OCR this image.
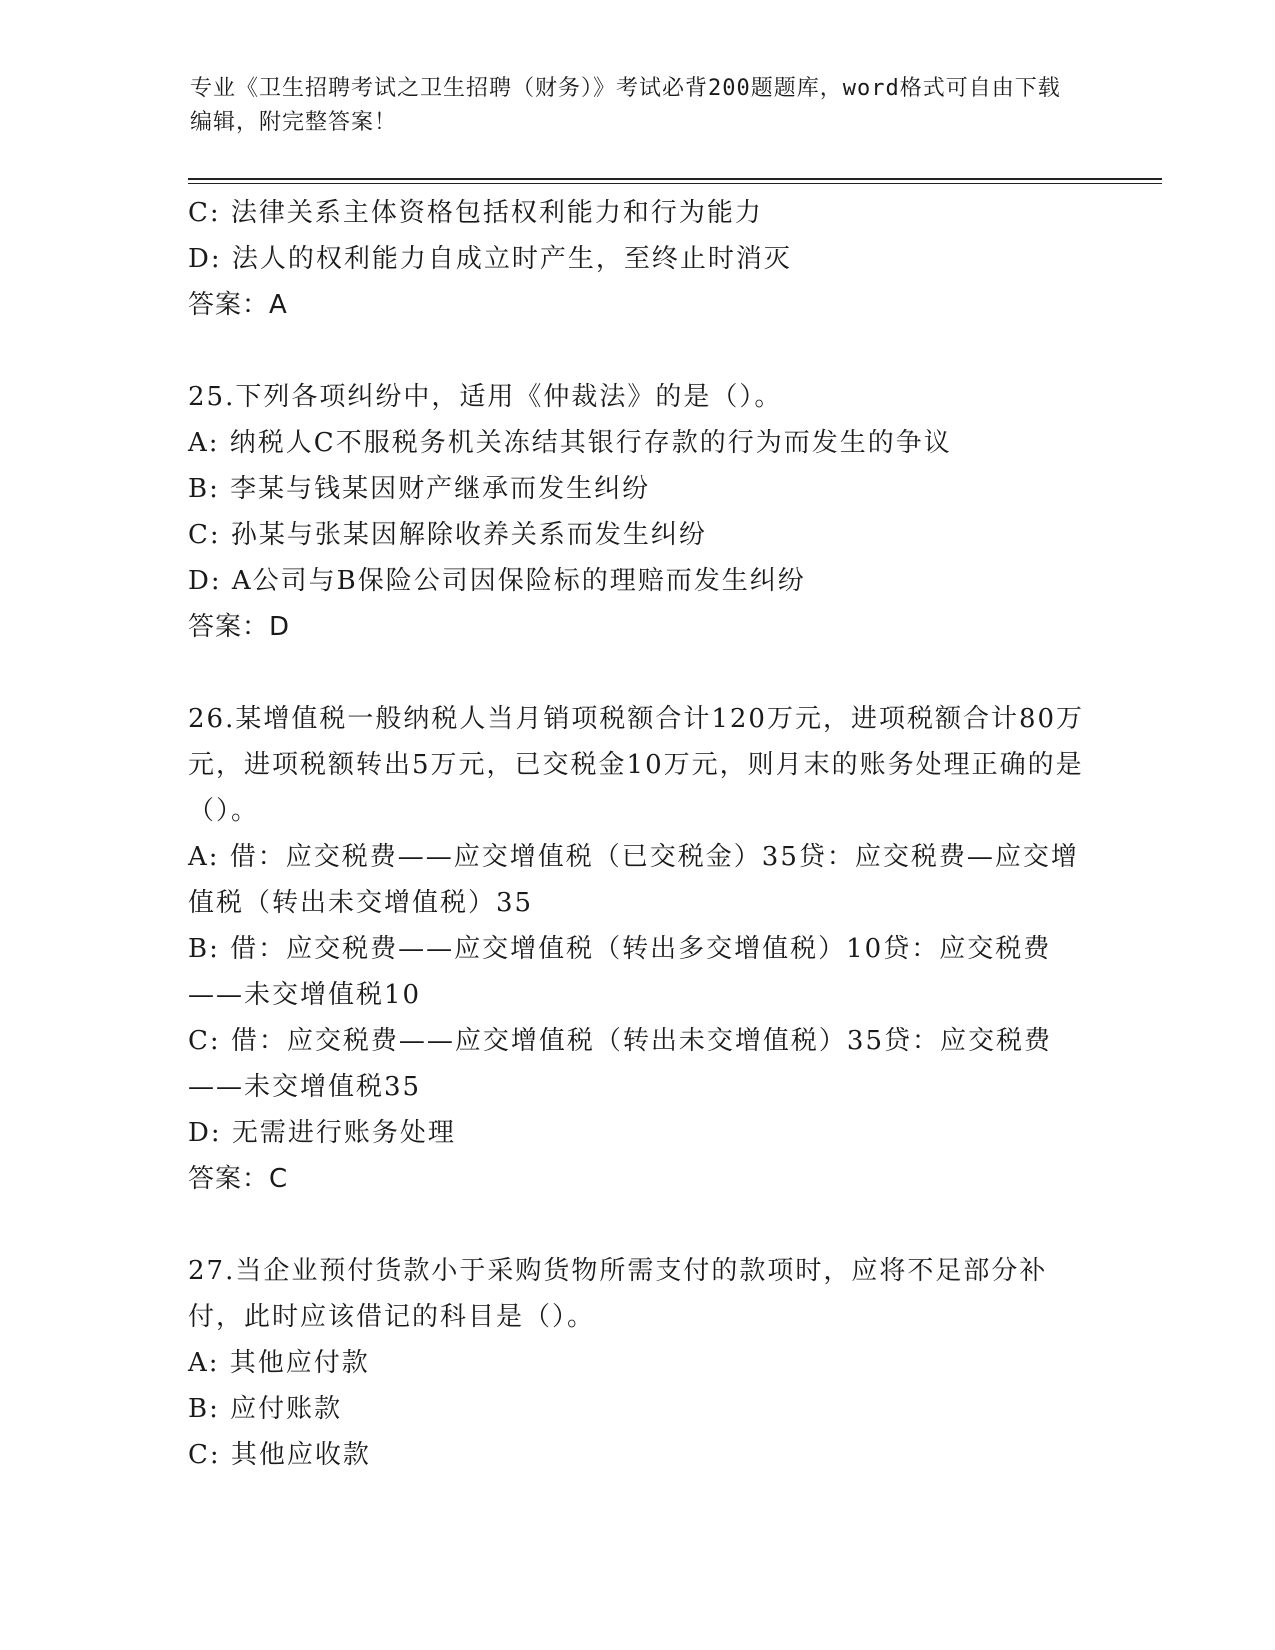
专业《卫生招聘考试之卫生招聘（财务）》考试必背200题题库，word格式可自由下载编辑，附完整答案！

C: 法律关系主体资格包括权利能力和行为能力

D: 法人的权利能力自成立时产生，至终止时消灭

答案：A

25.下列各项纠纷中，适用《仲裁法》的是（）。

A: 纳税人C不服税务机关冻结其银行存款的行为而发生的争议

B: 李某与钱某因财产继承而发生纠纷

C: 孙某与张某因解除收养关系而发生纠纷

D: A公司与B保险公司因保险标的理赔而发生纠纷

答案：D

26.某增值税一般纳税人当月销项税额合计120万元，进项税额合计80万元，进项税额转出5万元，已交税金10万元，则月末的账务处理正确的是（）。

A: 借：应交税费——应交增值税（已交税金）35贷：应交税费—应交增值税（转出未交增值税）35

B: 借：应交税费——应交增值税（转出多交增值税）10贷：应交税费——未交增值税10

C: 借：应交税费——应交增值税（转出未交增值税）35贷：应交税费——未交增值税35

D: 无需进行账务处理

答案：C

27.当企业预付货款小于采购货物所需支付的款项时，应将不足部分补付，此时应该借记的科目是（）。

A: 其他应付款

B: 应付账款

C: 其他应收款
